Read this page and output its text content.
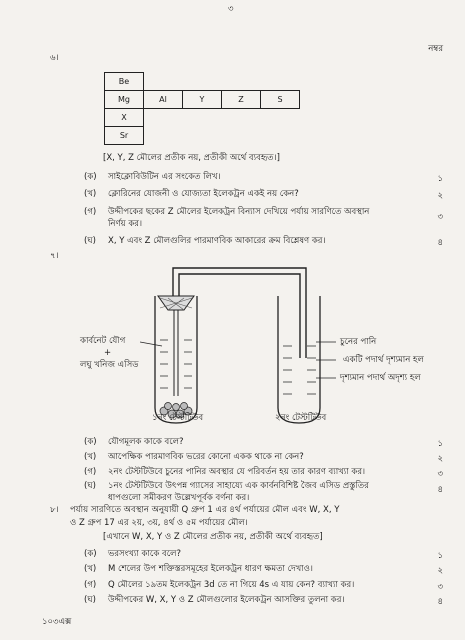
৩
নম্বর
৬।
Be				
Mg	Al	Y	Z	S
X				
Sr				
[X, Y, Z মৌলের প্রতীক নয়, প্রতীকী অর্থে ব্যবহৃত।]
(ক) সাইক্লোবিউটিন এর সংকেত লিখ।	১
(খ) ক্লোরিনের যোজনী ও যোজ্যতা ইলেকট্রন একই নয় কেন?	২
(গ) উদ্দীপকের ছকের Z মৌলের ইলেকট্রন বিন্যাস দেখিয়ে পর্যায় সারণিতে অবস্থান
নির্ণয় কর।
৩
(ঘ) X, Y এবং Z মৌলগুলির পারমাণবিক আকারের ক্রম বিশ্লেষণ কর।	৪
৭।
কার্বনেট যৌগ
+
লঘু খনিজ এসিড
চুনের পানি
একটি পদার্থ দৃশ্যমান হল
দৃশ্যমান পদার্থ অদৃশ্য হল
১নং টেস্টটিউব	২নং টেস্টটিউব
(ক) যৌগমূলক কাকে বলে?	১
(খ) আপেক্ষিক পারমাণবিক ভরের কোনো একক থাকে না কেন?	২
(গ) ২নং টেস্টটিউবে চুনের পানির অবস্থার যে পরিবর্তন হয় তার কারণ ব্যাখ্যা কর।	৩
(ঘ) ১নং টেস্টটিউবে উৎপন্ন গ্যাসের সাহায্যে এক কার্বনবিশিষ্ট জৈব এসিড প্রস্তুতির
ধাপগুলো সমীকরণ উল্লেখপূর্বক বর্ণনা কর।
৪
৮। পর্যায় সারণিতে অবস্থান অনুযায়ী Q গ্রুপ 1 এর ৪র্থ পর্যায়ের মৌল এবং W, X, Y
ও Z গ্রুপ 17 এর ২য়, ৩য়, ৪র্থ ও ৫ম পর্যায়ের মৌল।
[এখানে W, X, Y ও Z মৌলের প্রতীক নয়, প্রতীকী অর্থে ব্যবহৃত]
(ক) ভরসংখ্যা কাকে বলে?	১
(খ) M শেলের উপ শক্তিস্তরসমূহের ইলেকট্রন ধারণ ক্ষমতা দেখাও।	২
(গ) Q মৌলের ১৯তম ইলেকট্রন 3d তে না গিয়ে 4s এ যায় কেন? ব্যাখ্যা কর।	৩
(ঘ) উদ্দীপকের W, X, Y ও Z মৌলগুলোর ইলেকট্রন আসক্তির তুলনা কর।	৪
১০৩এক্স
